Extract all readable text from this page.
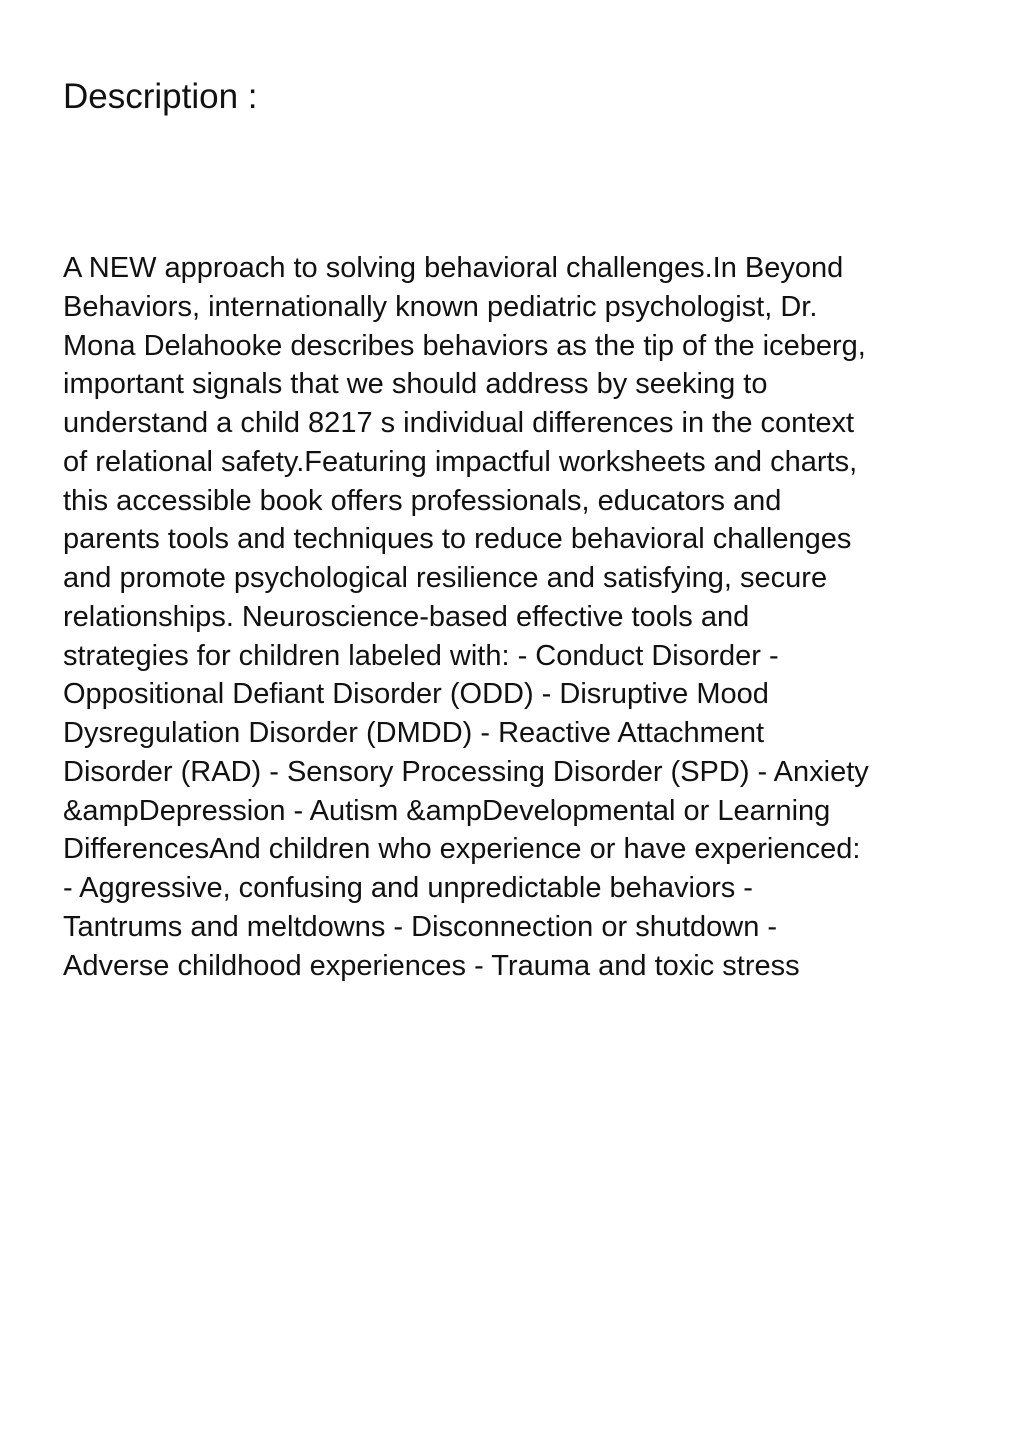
Description :

A NEW approach to solving behavioral challenges.In Beyond
Behaviors, internationally known pediatric psychologist, Dr.
Mona Delahooke describes behaviors as the tip of the iceberg,
important signals that we should address by seeking to
understand a child 8217 s individual differences in the context
of relational safety.Featuring impactful worksheets and charts,
this accessible book offers professionals, educators and
parents tools and techniques to reduce behavioral challenges
and promote psychological resilience and satisfying, secure
relationships. Neuroscience-based effective tools and
strategies for children labeled with: - Conduct Disorder -
Oppositional Defiant Disorder (ODD) - Disruptive Mood
Dysregulation Disorder (DMDD) - Reactive Attachment
Disorder (RAD) - Sensory Processing Disorder (SPD) - Anxiety
&ampDepression - Autism &ampDevelopmental or Learning
DifferencesAnd children who experience or have experienced:
- Aggressive, confusing and unpredictable behaviors -
Tantrums and meltdowns - Disconnection or shutdown -
Adverse childhood experiences - Trauma and toxic stress
